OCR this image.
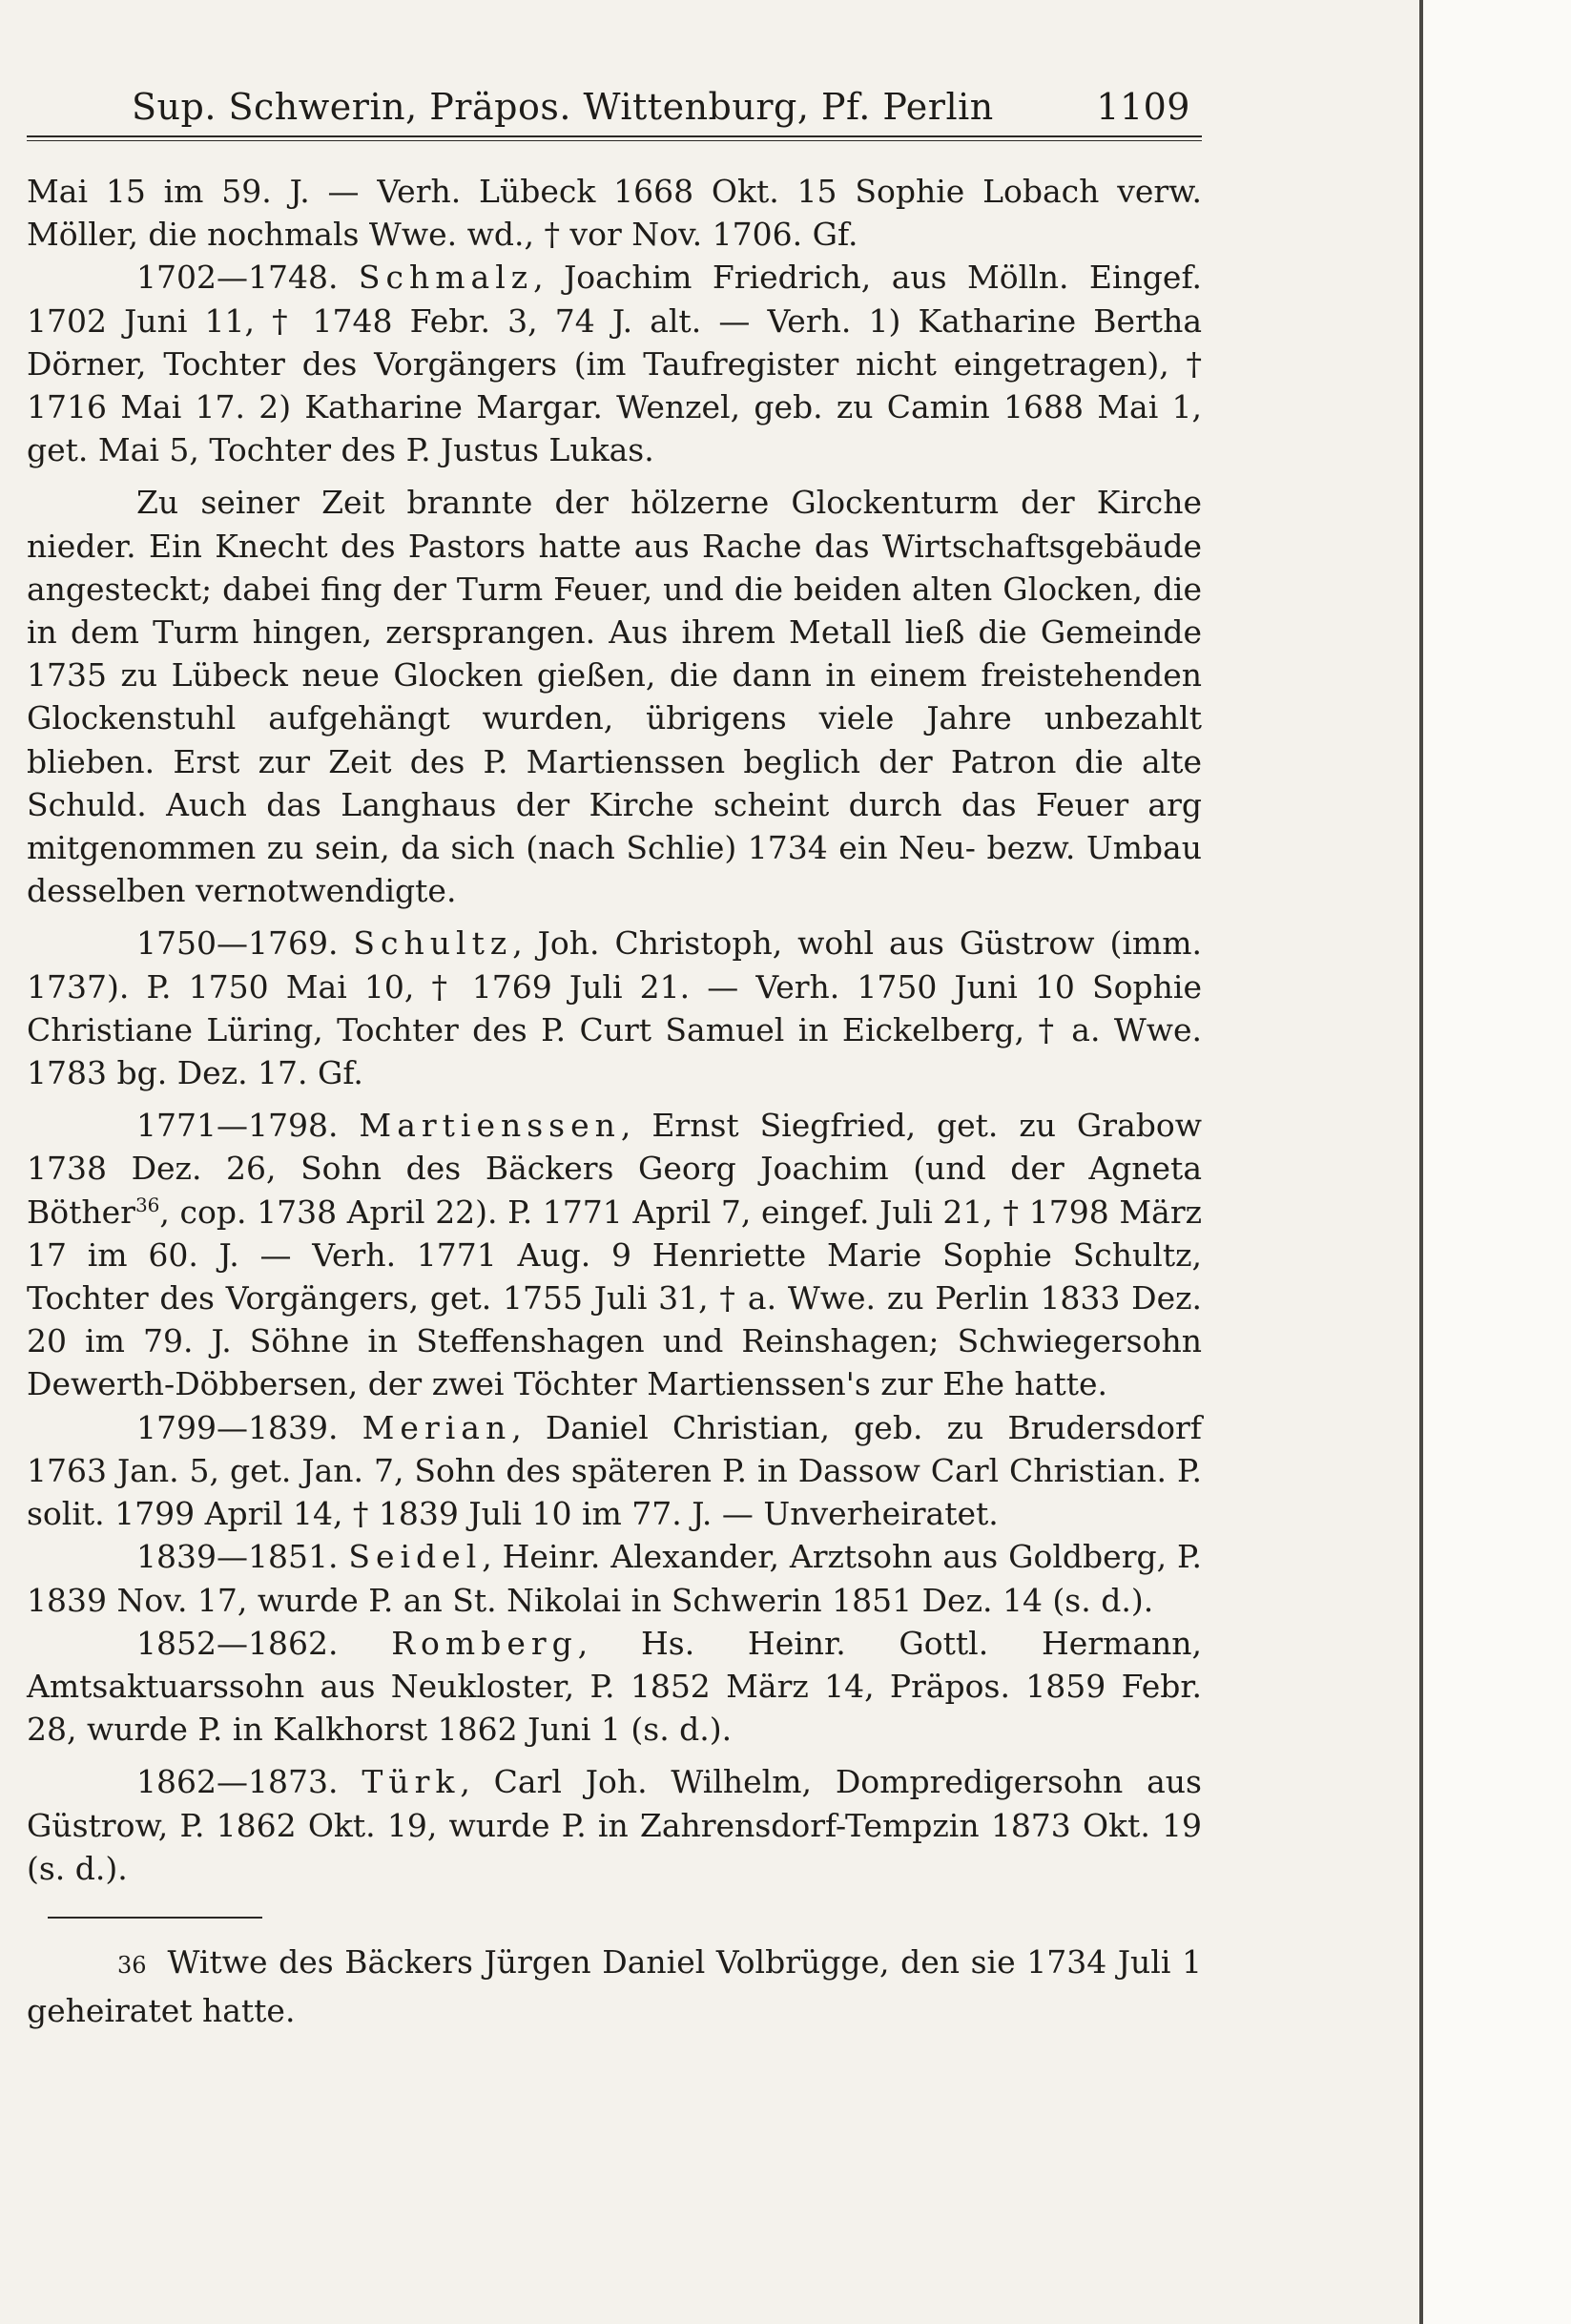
Sup. Schwerin, Präpos. Wittenburg, Pf. Perlin	1109

Mai 15 im 59. J. — Verh. Lübeck 1668 Okt. 15 Sophie Lobach verw. Möller, die nochmals Wwe. wd., † vor Nov. 1706. Gf.

1702—1748. Schmalz, Joachim Friedrich, aus Mölln. Eingef. 1702 Juni 11, † 1748 Febr. 3, 74 J. alt. — Verh. 1) Katharine Bertha Dörner, Tochter des Vorgängers (im Taufregister nicht eingetragen), † 1716 Mai 17. 2) Katharine Margar. Wenzel, geb. zu Camin 1688 Mai 1, get. Mai 5, Tochter des P. Justus Lukas.

Zu seiner Zeit brannte der hölzerne Glockenturm der Kirche nieder. Ein Knecht des Pastors hatte aus Rache das Wirtschaftsgebäude angesteckt; dabei fing der Turm Feuer, und die beiden alten Glocken, die in dem Turm hingen, zersprangen. Aus ihrem Metall ließ die Gemeinde 1735 zu Lübeck neue Glocken gießen, die dann in einem freistehenden Glockenstuhl aufgehängt wurden, übrigens viele Jahre unbezahlt blieben. Erst zur Zeit des P. Martienssen beglich der Patron die alte Schuld. Auch das Langhaus der Kirche scheint durch das Feuer arg mitgenommen zu sein, da sich (nach Schlie) 1734 ein Neu- bezw. Umbau desselben vernotwendigte.

1750—1769. Schultz, Joh. Christoph, wohl aus Güstrow (imm. 1737). P. 1750 Mai 10, † 1769 Juli 21. — Verh. 1750 Juni 10 Sophie Christiane Lüring, Tochter des P. Curt Samuel in Eickelberg, † a. Wwe. 1783 bg. Dez. 17. Gf.

1771—1798. Martienssen, Ernst Siegfried, get. zu Grabow 1738 Dez. 26, Sohn des Bäckers Georg Joachim (und der Agneta Böther$^{36}$, cop. 1738 April 22). P. 1771 April 7, eingef. Juli 21, † 1798 März 17 im 60. J. — Verh. 1771 Aug. 9 Henriette Marie Sophie Schultz, Tochter des Vorgängers, get. 1755 Juli 31, † a. Wwe. zu Perlin 1833 Dez. 20 im 79. J. Söhne in Steffenshagen und Reinshagen; Schwiegersohn Dewerth-Döbbersen, der zwei Töchter Martienssen's zur Ehe hatte.

1799—1839. Merian, Daniel Christian, geb. zu Brudersdorf 1763 Jan. 5, get. Jan. 7, Sohn des späteren P. in Dassow Carl Christian. P. solit. 1799 April 14, † 1839 Juli 10 im 77. J. — Unverheiratet.

1839—1851. Seidel, Heinr. Alexander, Arztsohn aus Goldberg, P. 1839 Nov. 17, wurde P. an St. Nikolai in Schwerin 1851 Dez. 14 (s. d.).

1852—1862. Romberg, Hs. Heinr. Gottl. Hermann, Amtsaktuarssohn aus Neukloster, P. 1852 März 14, Präpos. 1859 Febr. 28, wurde P. in Kalkhorst 1862 Juni 1 (s. d.).

1862—1873. Türk, Carl Joh. Wilhelm, Dompredigersohn aus Güstrow, P. 1862 Okt. 19, wurde P. in Zahrensdorf-Tempzin 1873 Okt. 19 (s. d.).

36 Witwe des Bäckers Jürgen Daniel Volbrügge, den sie 1734 Juli 1 geheiratet hatte.
